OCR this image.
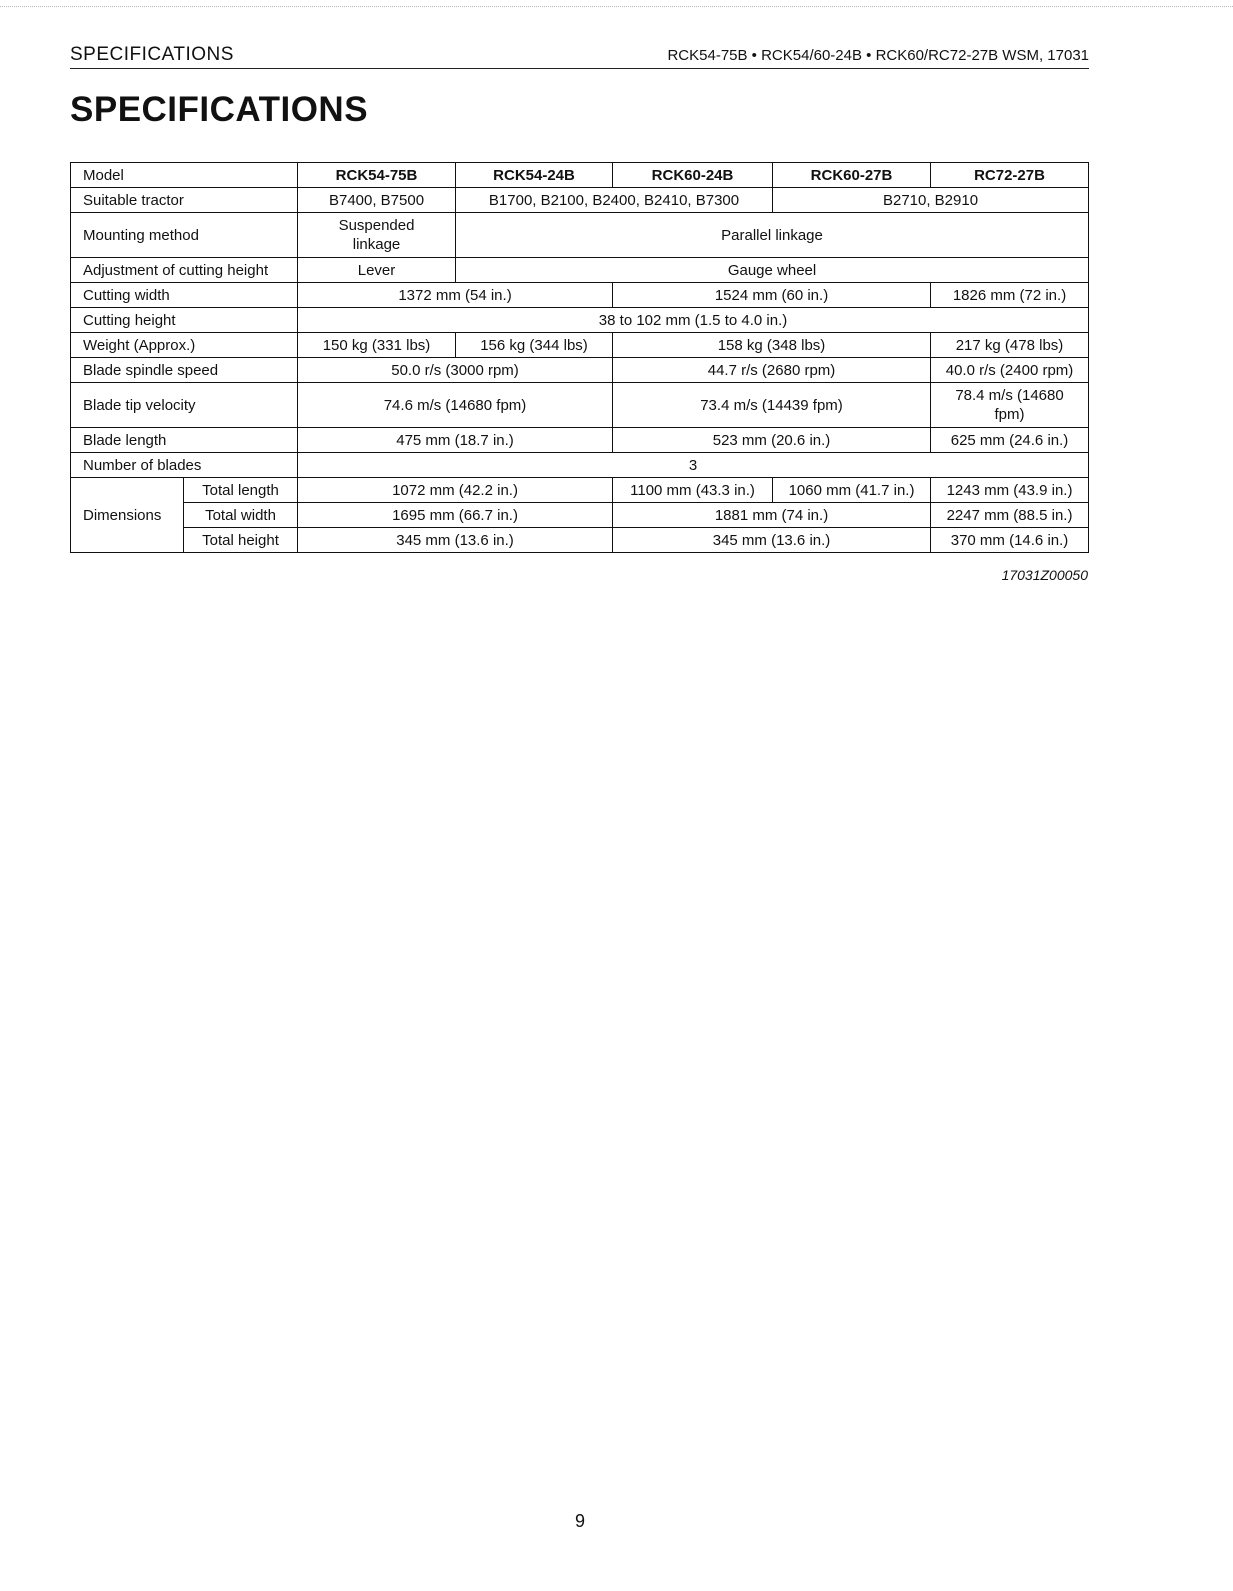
SPECIFICATIONS	RCK54-75B • RCK54/60-24B • RCK60/RC72-27B WSM, 17031
SPECIFICATIONS
Model		RCK54-75B	RCK54-24B	RCK60-24B	RCK60-27B	RC72-27B
Suitable tractor		B7400, B7500	B1700, B2100, B2400, B2410, B7300		B2710, B2910	
Mounting method		Suspended linkage	Parallel linkage			
Adjustment of cutting height		Lever	Gauge wheel			
Cutting width		1372 mm (54 in.)		1524 mm (60 in.)		1826 mm (72 in.)
Cutting height		38 to 102 mm (1.5 to 4.0 in.)				
Weight (Approx.)		150 kg (331 lbs)	156 kg (344 lbs)	158 kg (348 lbs)		217 kg (478 lbs)
Blade spindle speed		50.0 r/s (3000 rpm)		44.7 r/s (2680 rpm)		40.0 r/s (2400 rpm)
Blade tip velocity		74.6 m/s (14680 fpm)		73.4 m/s (14439 fpm)		78.4 m/s (14680 fpm)
Blade length		475 mm (18.7 in.)		523 mm (20.6 in.)		625 mm (24.6 in.)
Number of blades		3				
Dimensions	Total length	1072 mm (42.2 in.)		1100 mm (43.3 in.)	1060 mm (41.7 in.)	1243 mm (43.9 in.)
	Total width	1695 mm (66.7 in.)		1881 mm (74 in.)		2247 mm (88.5 in.)
	Total height	345 mm (13.6 in.)		345 mm (13.6 in.)		370 mm (14.6 in.)
17031Z00050
9
